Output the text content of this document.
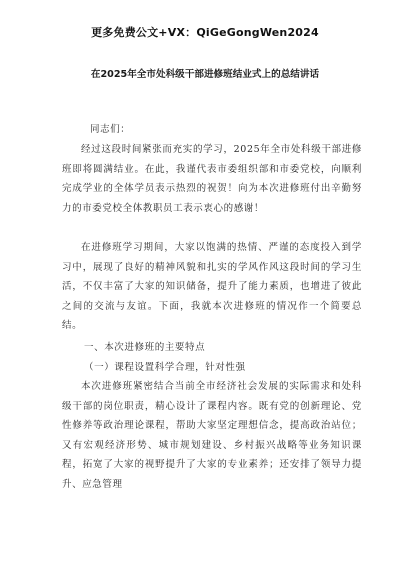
更多免费公文+VX：QiGeGongWen2024
在2025年全市处科级干部进修班结业式上的总结讲话
同志们：
经过这段时间紧张而充实的学习，2025年全市处科级干部进修班即将圆满结业。在此，我谨代表市委组织部和市委党校，向顺利完成学业的全体学员表示热烈的祝贺！向为本次进修班付出辛勤努力的市委党校全体教职员工表示衷心的感谢！
在进修班学习期间，大家以饱满的热情、严谨的态度投入到学习中，展现了良好的精神风貌和扎实的学风作风这段时间的学习生活，不仅丰富了大家的知识储备，提升了能力素质，也增进了彼此之间的交流与友谊。下面，我就本次进修班的情况作一个简要总结。
一、本次进修班的主要特点
（一）课程设置科学合理，针对性强
本次进修班紧密结合当前全市经济社会发展的实际需求和处科级干部的岗位职责，精心设计了课程内容。既有党的创新理论、党性修养等政治理论课程，帮助大家坚定理想信念，提高政治站位；又有宏观经济形势、城市规划建设、乡村振兴战略等业务知识课程，拓宽了大家的视野提升了大家的专业素养；还安排了领导力提升、应急管理
